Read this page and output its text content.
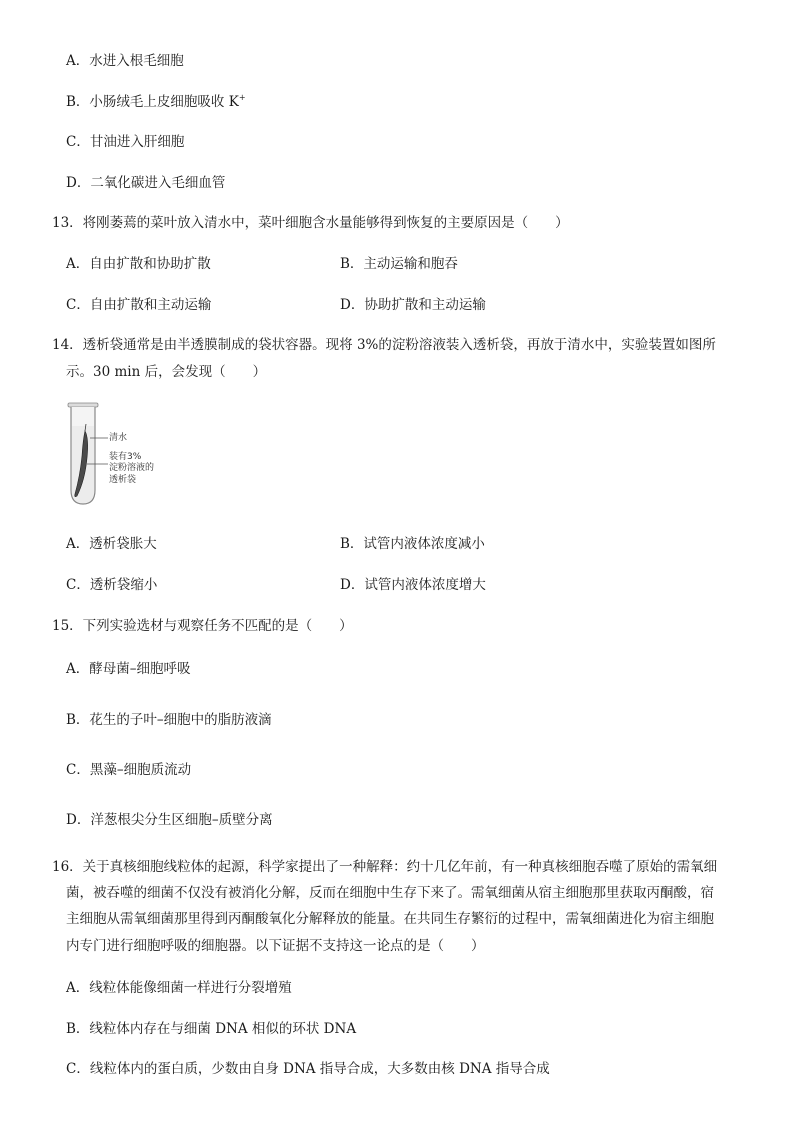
A．水进入根毛细胞
B．小肠绒毛上皮细胞吸收 K+
C．甘油进入肝细胞
D．二氧化碳进入毛细血管
13．将刚萎蔫的菜叶放入清水中，菜叶细胞含水量能够得到恢复的主要原因是（　　）
A．自由扩散和协助扩散	B．主动运输和胞吞
C．自由扩散和主动运输	D．协助扩散和主动运输
14．透析袋通常是由半透膜制成的袋状容器。现将 3%的淀粉溶液装入透析袋，再放于清水中，实验装置如图所
示。30 min 后，会发现（　　）
清水
装有3%
淀粉溶液的
透析袋
A．透析袋胀大	B．试管内液体浓度减小
C．透析袋缩小	D．试管内液体浓度增大
15．下列实验选材与观察任务不匹配的是（　　）
A．酵母菌–细胞呼吸
B．花生的子叶–细胞中的脂肪液滴
C．黑藻–细胞质流动
D．洋葱根尖分生区细胞–质壁分离
16．关于真核细胞线粒体的起源，科学家提出了一种解释：约十几亿年前，有一种真核细胞吞噬了原始的需氧细
菌，被吞噬的细菌不仅没有被消化分解，反而在细胞中生存下来了。需氧细菌从宿主细胞那里获取丙酮酸，宿
主细胞从需氧细菌那里得到丙酮酸氧化分解释放的能量。在共同生存繁衍的过程中，需氧细菌进化为宿主细胞
内专门进行细胞呼吸的细胞器。以下证据不支持这一论点的是（　　）
A．线粒体能像细菌一样进行分裂增殖
B．线粒体内存在与细菌 DNA 相似的环状 DNA
C．线粒体内的蛋白质，少数由自身 DNA 指导合成，大多数由核 DNA 指导合成
